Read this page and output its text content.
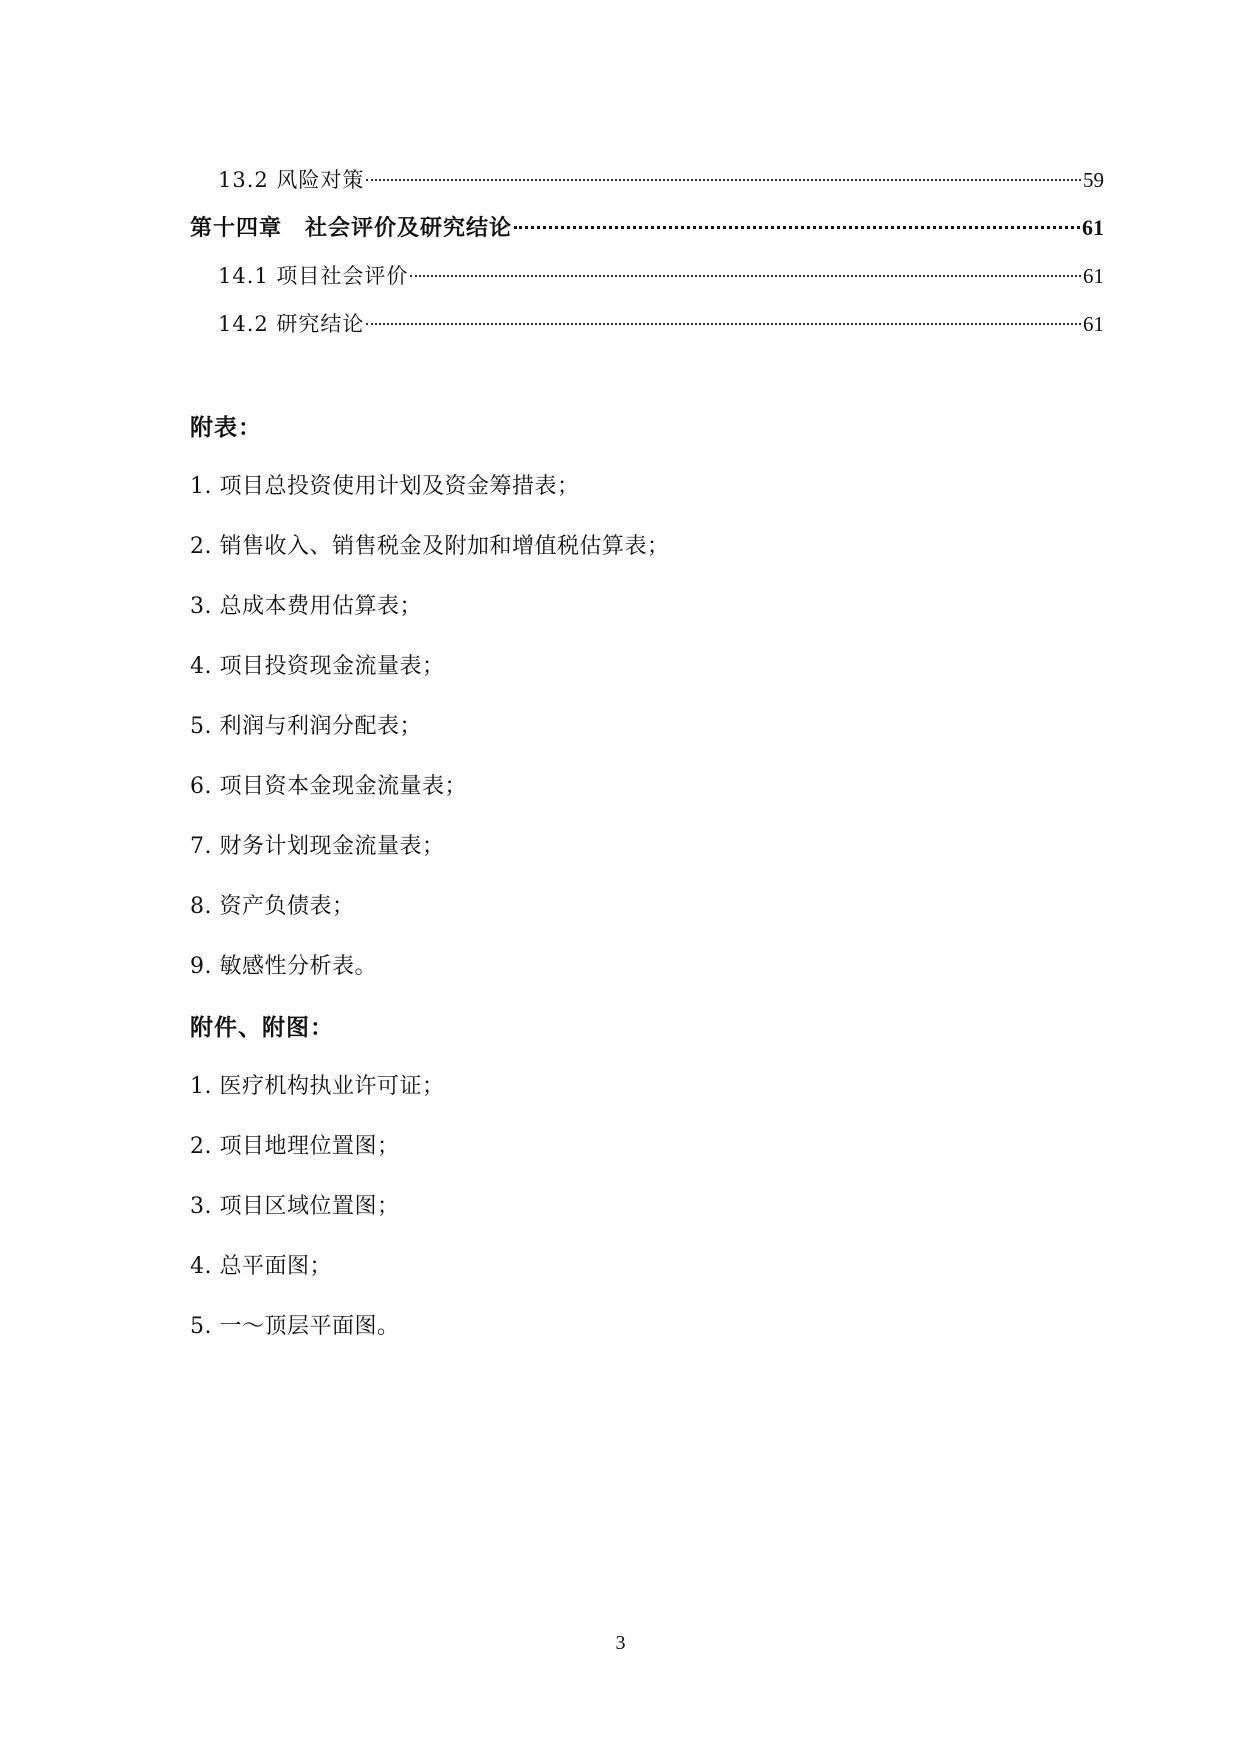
13.2 风险对策	59
第十四章　社会评价及研究结论	61
14.1 项目社会评价	61
14.2 研究结论	61
附表：
1. 项目总投资使用计划及资金筹措表；
2. 销售收入、销售税金及附加和增值税估算表；
3. 总成本费用估算表；
4. 项目投资现金流量表；
5. 利润与利润分配表；
6. 项目资本金现金流量表；
7. 财务计划现金流量表；
8. 资产负债表；
9. 敏感性分析表。
附件、附图：
1. 医疗机构执业许可证；
2. 项目地理位置图；
3. 项目区域位置图；
4. 总平面图；
5. 一～顶层平面图。
3
